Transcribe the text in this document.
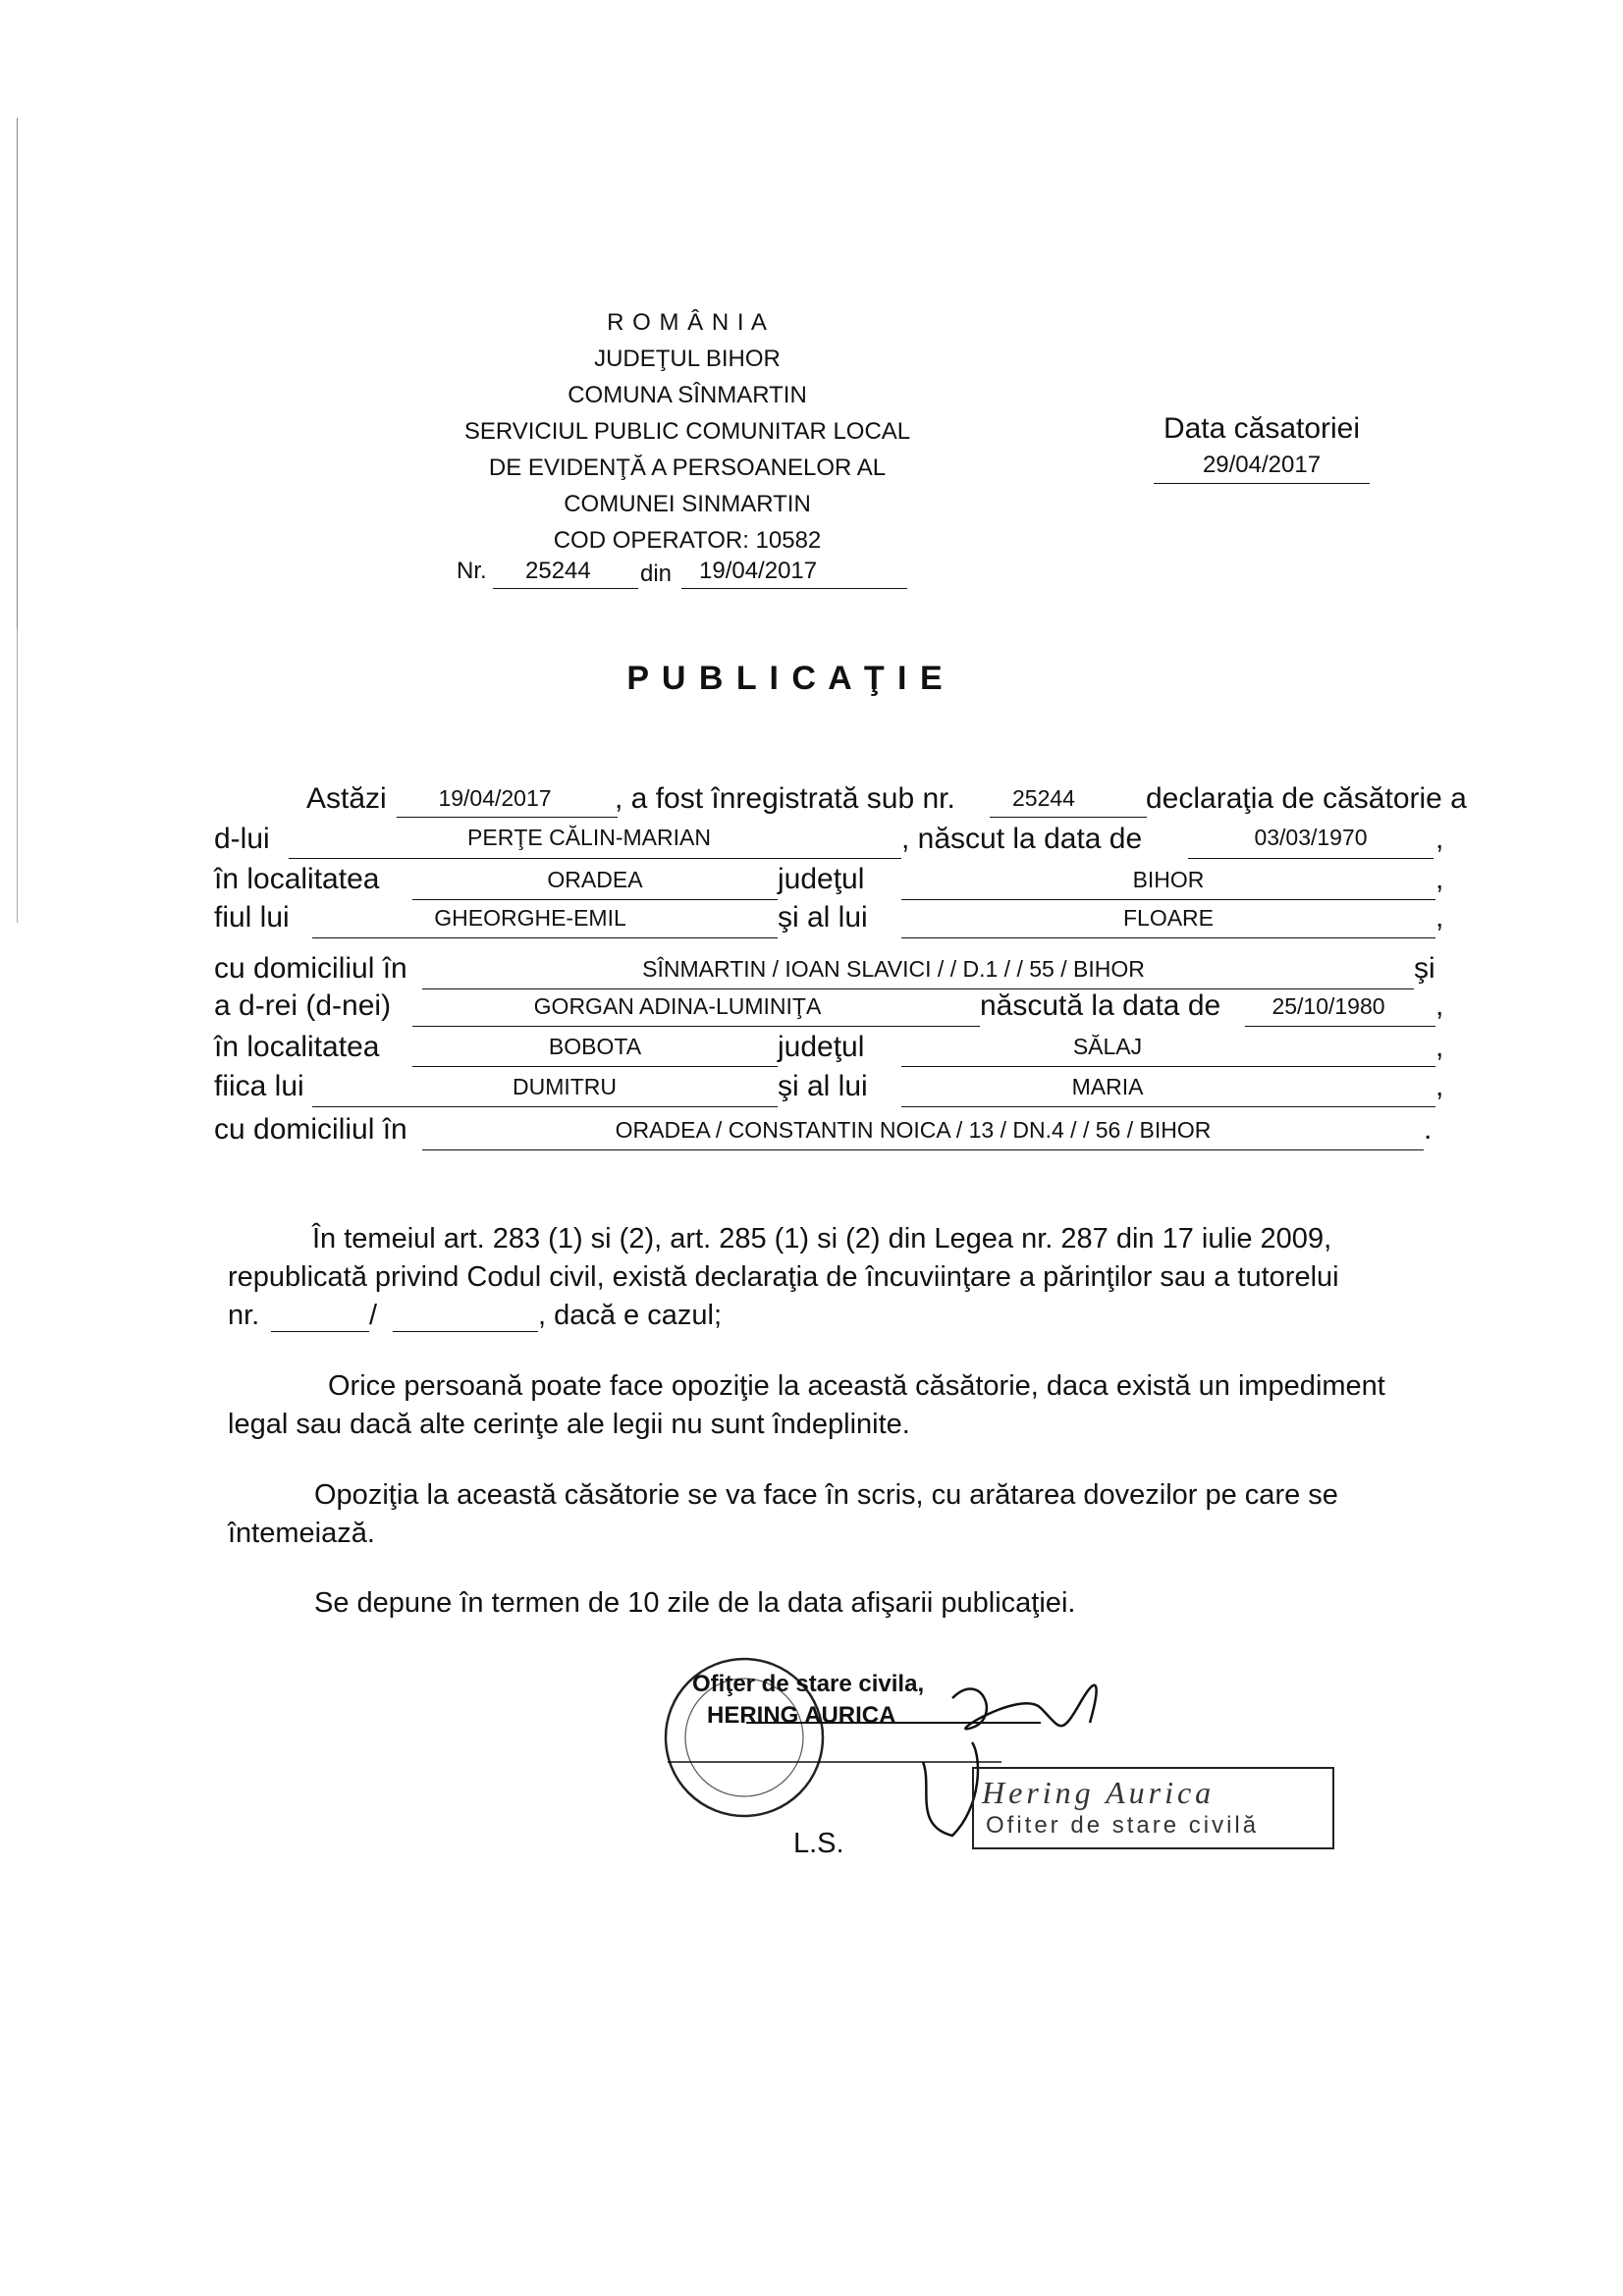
R O M Â N I A
JUDEŢUL BIHOR
COMUNA SÎNMARTIN
SERVICIUL PUBLIC COMUNITAR LOCAL
DE EVIDENŢĂ A PERSOANELOR AL
COMUNEI SINMARTIN
COD OPERATOR: 10582
Nr. 25244 din 19/04/2017
Data căsatoriei
29/04/2017
P U B L I C A Ţ I E
Astăzi	19/04/2017	, a fost înregistrată sub nr.	25244	declaraţia de căsătorie a
d-lui	PERŢE CĂLIN-MARIAN	, născut la data de	03/03/1970	,
în localitatea	ORADEA	judeţul	BIHOR	,
fiul lui	GHEORGHE-EMIL	şi al lui	FLOARE	,
cu domiciliul în	SÎNMARTIN / IOAN SLAVICI / / D.1 / / 55 / BIHOR	şi
a d-rei (d-nei)	GORGAN ADINA-LUMINIŢA	născută la data de	25/10/1980	,
în localitatea	BOBOTA	judeţul	SĂLAJ	,
fiica lui	DUMITRU	şi al lui	MARIA	,
cu domiciliul în	ORADEA / CONSTANTIN NOICA / 13 / DN.4 / / 56 / BIHOR	.
În temeiul art. 283 (1) si (2), art. 285 (1) si (2) din Legea nr. 287 din 17 iulie 2009,
republicată privind Codul civil, există declaraţia de încuviinţare a părinţilor sau a tutorelui
nr.	/	, dacă e cazul;
Orice persoană poate face opoziţie la această căsătorie, daca există un impediment
legal sau dacă alte cerinţe ale legii nu sunt îndeplinite.
Opoziţia la această căsătorie se va face în scris, cu arătarea dovezilor pe care se
întemeiază.
Se depune în termen de 10 zile de la data afişarii publicaţiei.
Ofiţer de stare civila,
HERING AURICA
L.S.
Hering Aurica
Ofiter de stare civilă
